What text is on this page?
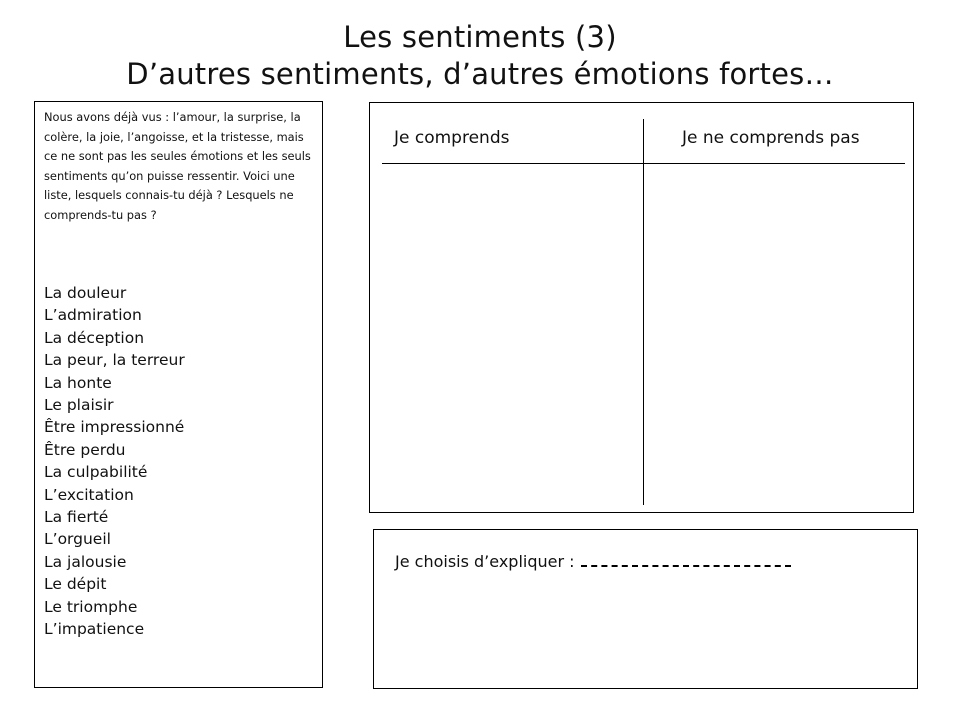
Les sentiments (3)
D’autres sentiments, d’autres émotions fortes…

Nous avons déjà vus : l’amour, la surprise, la colère, la joie, l’angoisse, et la tristesse, mais ce ne sont pas les seules émotions et les seuls sentiments qu’on puisse ressentir. Voici une liste, lesquels connais-tu déjà ? Lesquels ne comprends-tu pas ?

La douleur
L’admiration
La déception
La peur, la terreur
La honte
Le plaisir
Être impressionné
Être perdu
La culpabilité
L’excitation
La fierté
L’orgueil
La jalousie
Le dépit
Le triomphe
L’impatience
Je comprends	Je ne comprends pas
Je choisis d’expliquer :
